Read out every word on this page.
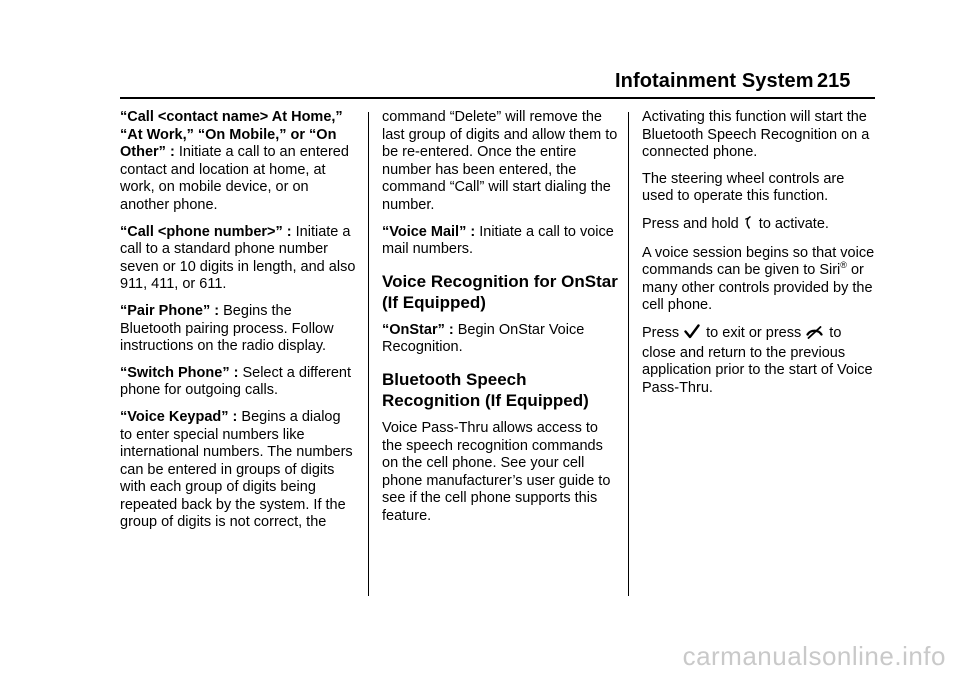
Infotainment System 215

“Call <contact name> At Home,” “At Work,” “On Mobile,” or “On Other” : Initiate a call to an entered contact and location at home, at work, on mobile device, or on another phone.

“Call <phone number>” : Initiate a call to a standard phone number seven or 10 digits in length, and also 911, 411, or 611.

“Pair Phone” : Begins the Bluetooth pairing process. Follow instructions on the radio display.

“Switch Phone” : Select a different phone for outgoing calls.

“Voice Keypad” : Begins a dialog to enter special numbers like international numbers. The numbers can be entered in groups of digits with each group of digits being repeated back by the system. If the group of digits is not correct, the

command “Delete” will remove the last group of digits and allow them to be re-entered. Once the entire number has been entered, the command “Call” will start dialing the number.

“Voice Mail” : Initiate a call to voice mail numbers.

Voice Recognition for OnStar (If Equipped)

“OnStar” : Begin OnStar Voice Recognition.

Bluetooth Speech Recognition (If Equipped)

Voice Pass-Thru allows access to the speech recognition commands on the cell phone. See your cell phone manufacturer’s user guide to see if the cell phone supports this feature.

Activating this function will start the Bluetooth Speech Recognition on a connected phone.

The steering wheel controls are used to operate this function.

Press and hold to activate.

A voice session begins so that voice commands can be given to Siri® or many other controls provided by the cell phone.

Press to exit or press to close and return to the previous application prior to the start of Voice Pass-Thru.

carmanualsonline.info
